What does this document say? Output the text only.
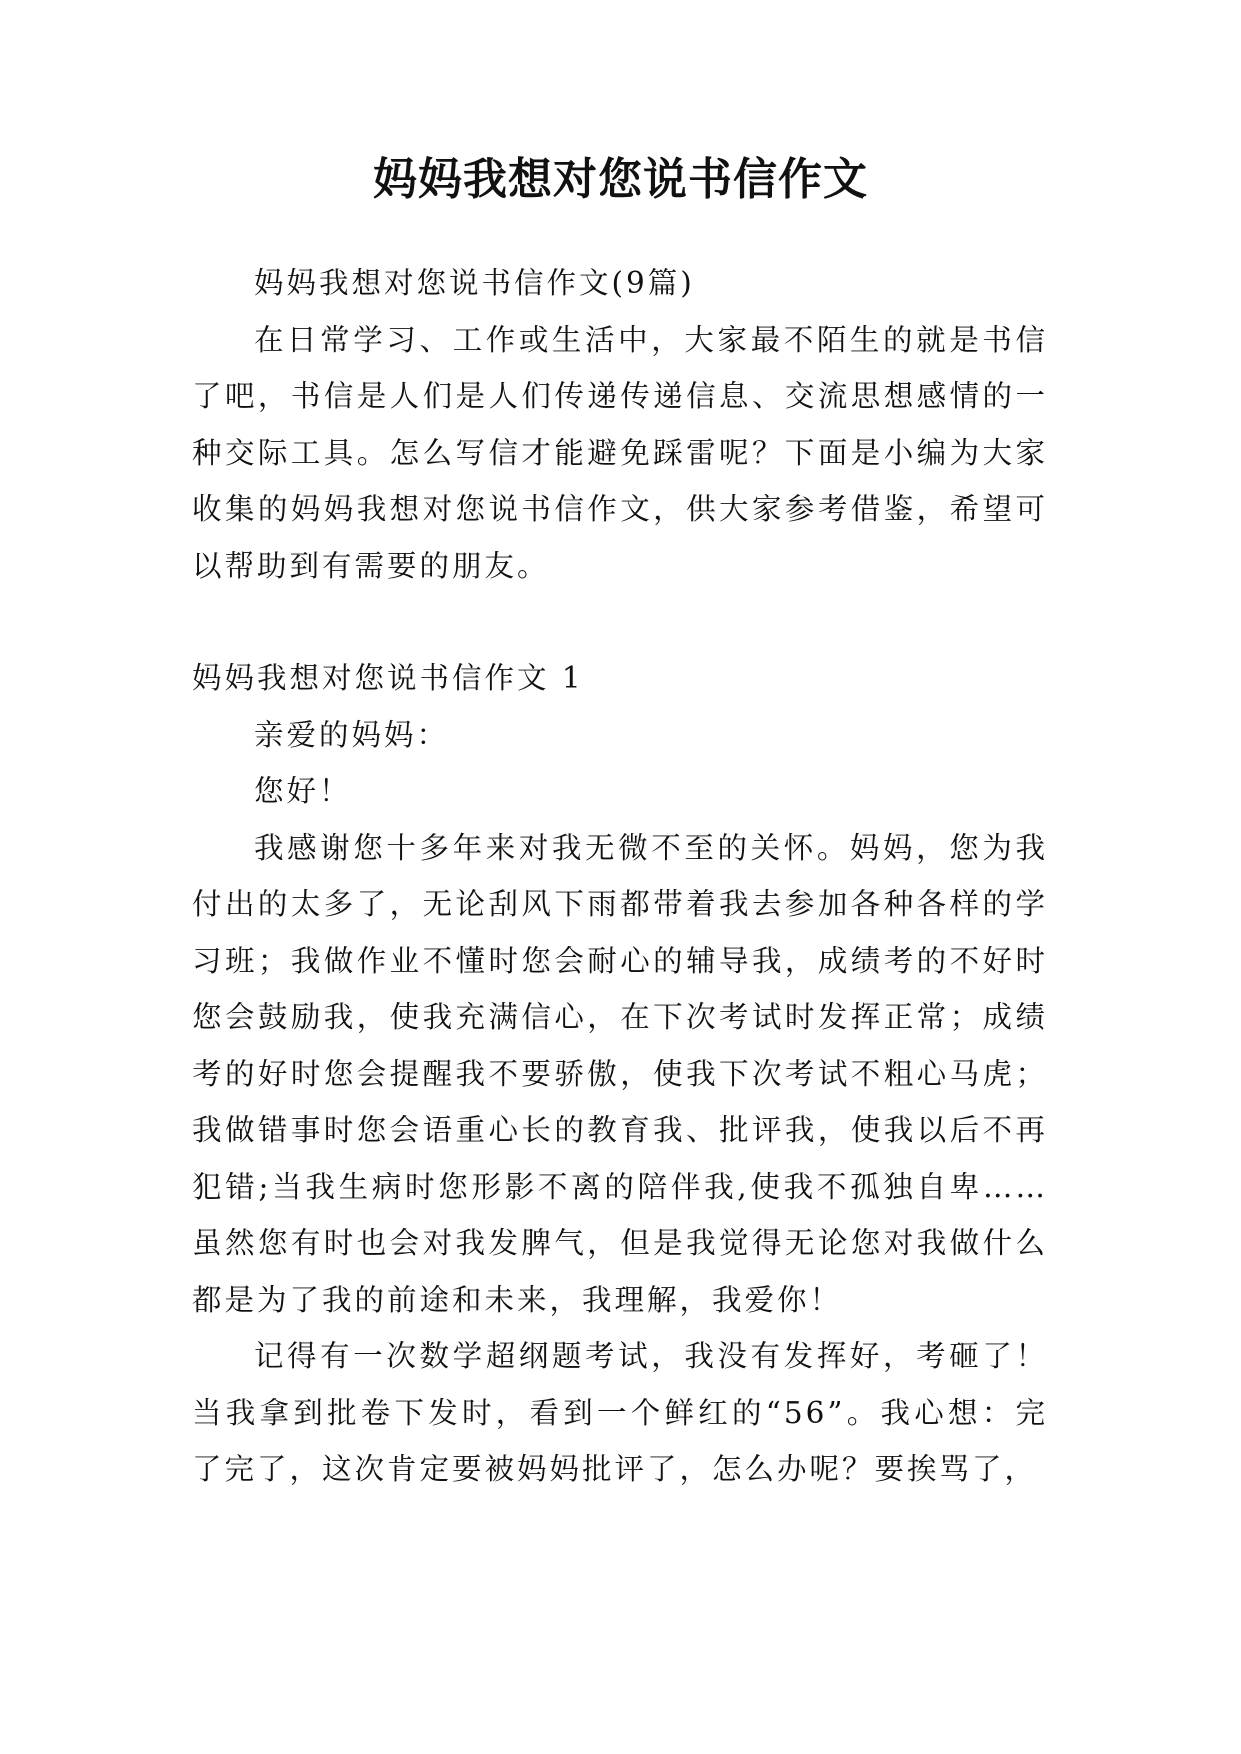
妈妈我想对您说书信作文

妈妈我想对您说书信作文(9篇)

在日常学习、工作或生活中，大家最不陌生的就是书信了吧，书信是人们是人们传递传递信息、交流思想感情的一种交际工具。怎么写信才能避免踩雷呢？下面是小编为大家收集的妈妈我想对您说书信作文，供大家参考借鉴，希望可以帮助到有需要的朋友。

妈妈我想对您说书信作文 1

亲爱的妈妈：

您好！

我感谢您十多年来对我无微不至的关怀。妈妈，您为我付出的太多了，无论刮风下雨都带着我去参加各种各样的学习班；我做作业不懂时您会耐心的辅导我，成绩考的不好时您会鼓励我，使我充满信心，在下次考试时发挥正常；成绩考的好时您会提醒我不要骄傲，使我下次考试不粗心马虎；我做错事时您会语重心长的教育我、批评我，使我以后不再犯错;当我生病时您形影不离的陪伴我,使我不孤独自卑……虽然您有时也会对我发脾气，但是我觉得无论您对我做什么都是为了我的前途和未来，我理解，我爱你！

记得有一次数学超纲题考试，我没有发挥好，考砸了！当我拿到批卷下发时，看到一个鲜红的“56”。我心想：完了完了，这次肯定要被妈妈批评了，怎么办呢？要挨骂了，
